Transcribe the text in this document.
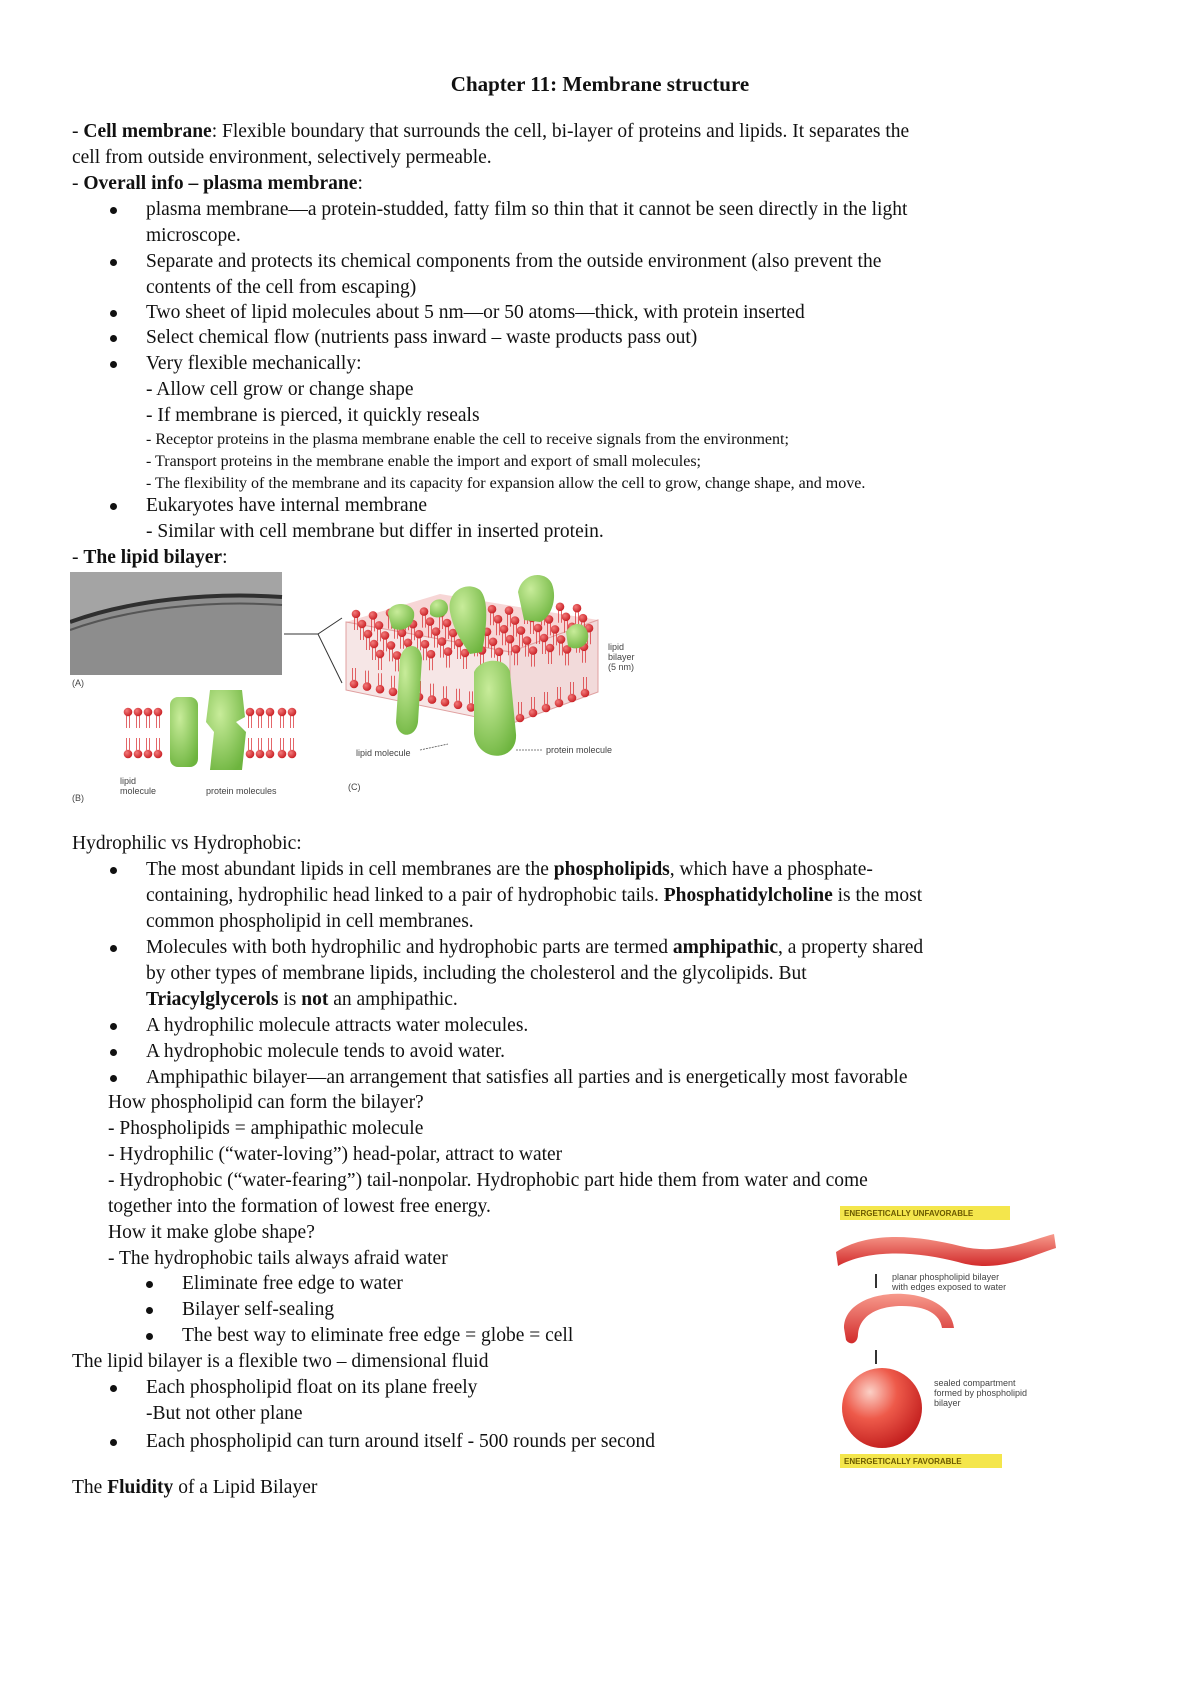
Chapter 11: Membrane structure
- Cell membrane: Flexible boundary that surrounds the cell, bi-layer of proteins and lipids. It separates the
cell from outside environment, selectively permeable.
- Overall info – plasma membrane:
plasma membrane—a protein-studded, fatty film so thin that it cannot be seen directly in the light
microscope.
Separate and protects its chemical components from the outside environment (also prevent the
contents of the cell from escaping)
Two sheet of lipid molecules about 5 nm—or 50 atoms—thick, with protein inserted
Select chemical flow (nutrients pass inward – waste products pass out)
Very flexible mechanically:
- Allow cell grow or change shape
- If membrane is pierced, it quickly reseals
- Receptor proteins in the plasma membrane enable the cell to receive signals from the environment;
- Transport proteins in the membrane enable the import and export of small molecules;
- The flexibility of the membrane and its capacity for expansion allow the cell to grow, change shape, and move.
Eukaryotes have internal membrane
- Similar with cell membrane but differ in inserted protein.
- The lipid bilayer:
(A)
lipid
molecule	protein molecules
(B)
lipid
bilayer
(5 nm)
lipid molecule	protein molecule
(C)
Hydrophilic vs Hydrophobic:
The most abundant lipids in cell membranes are the phospholipids, which have a phosphate-
containing, hydrophilic head linked to a pair of hydrophobic tails. Phosphatidylcholine is the most
common phospholipid in cell membranes.
Molecules with both hydrophilic and hydrophobic parts are termed amphipathic, a property shared
by other types of membrane lipids, including the cholesterol and the glycolipids. But
Triacylglycerols is not an amphipathic.
A hydrophilic molecule attracts water molecules.
A hydrophobic molecule tends to avoid water.
Amphipathic bilayer—an arrangement that satisfies all parties and is energetically most favorable
How phospholipid can form the bilayer?
- Phospholipids = amphipathic molecule
- Hydrophilic (“water-loving”) head-polar, attract to water
- Hydrophobic (“water-fearing”) tail-nonpolar. Hydrophobic part hide them from water and come
together into the formation of lowest free energy.
How it make globe shape?
- The hydrophobic tails always afraid water
Eliminate free edge to water
Bilayer self-sealing
The best way to eliminate free edge = globe = cell
The lipid bilayer is a flexible two – dimensional fluid
Each phospholipid float on its plane freely
-But not other plane
Each phospholipid can turn around itself - 500 rounds per second
The Fluidity of a Lipid Bilayer
ENERGETICALLY UNFAVORABLE
planar phospholipid bilayer
with edges exposed to water
sealed compartment
formed by phospholipid
bilayer
ENERGETICALLY FAVORABLE
